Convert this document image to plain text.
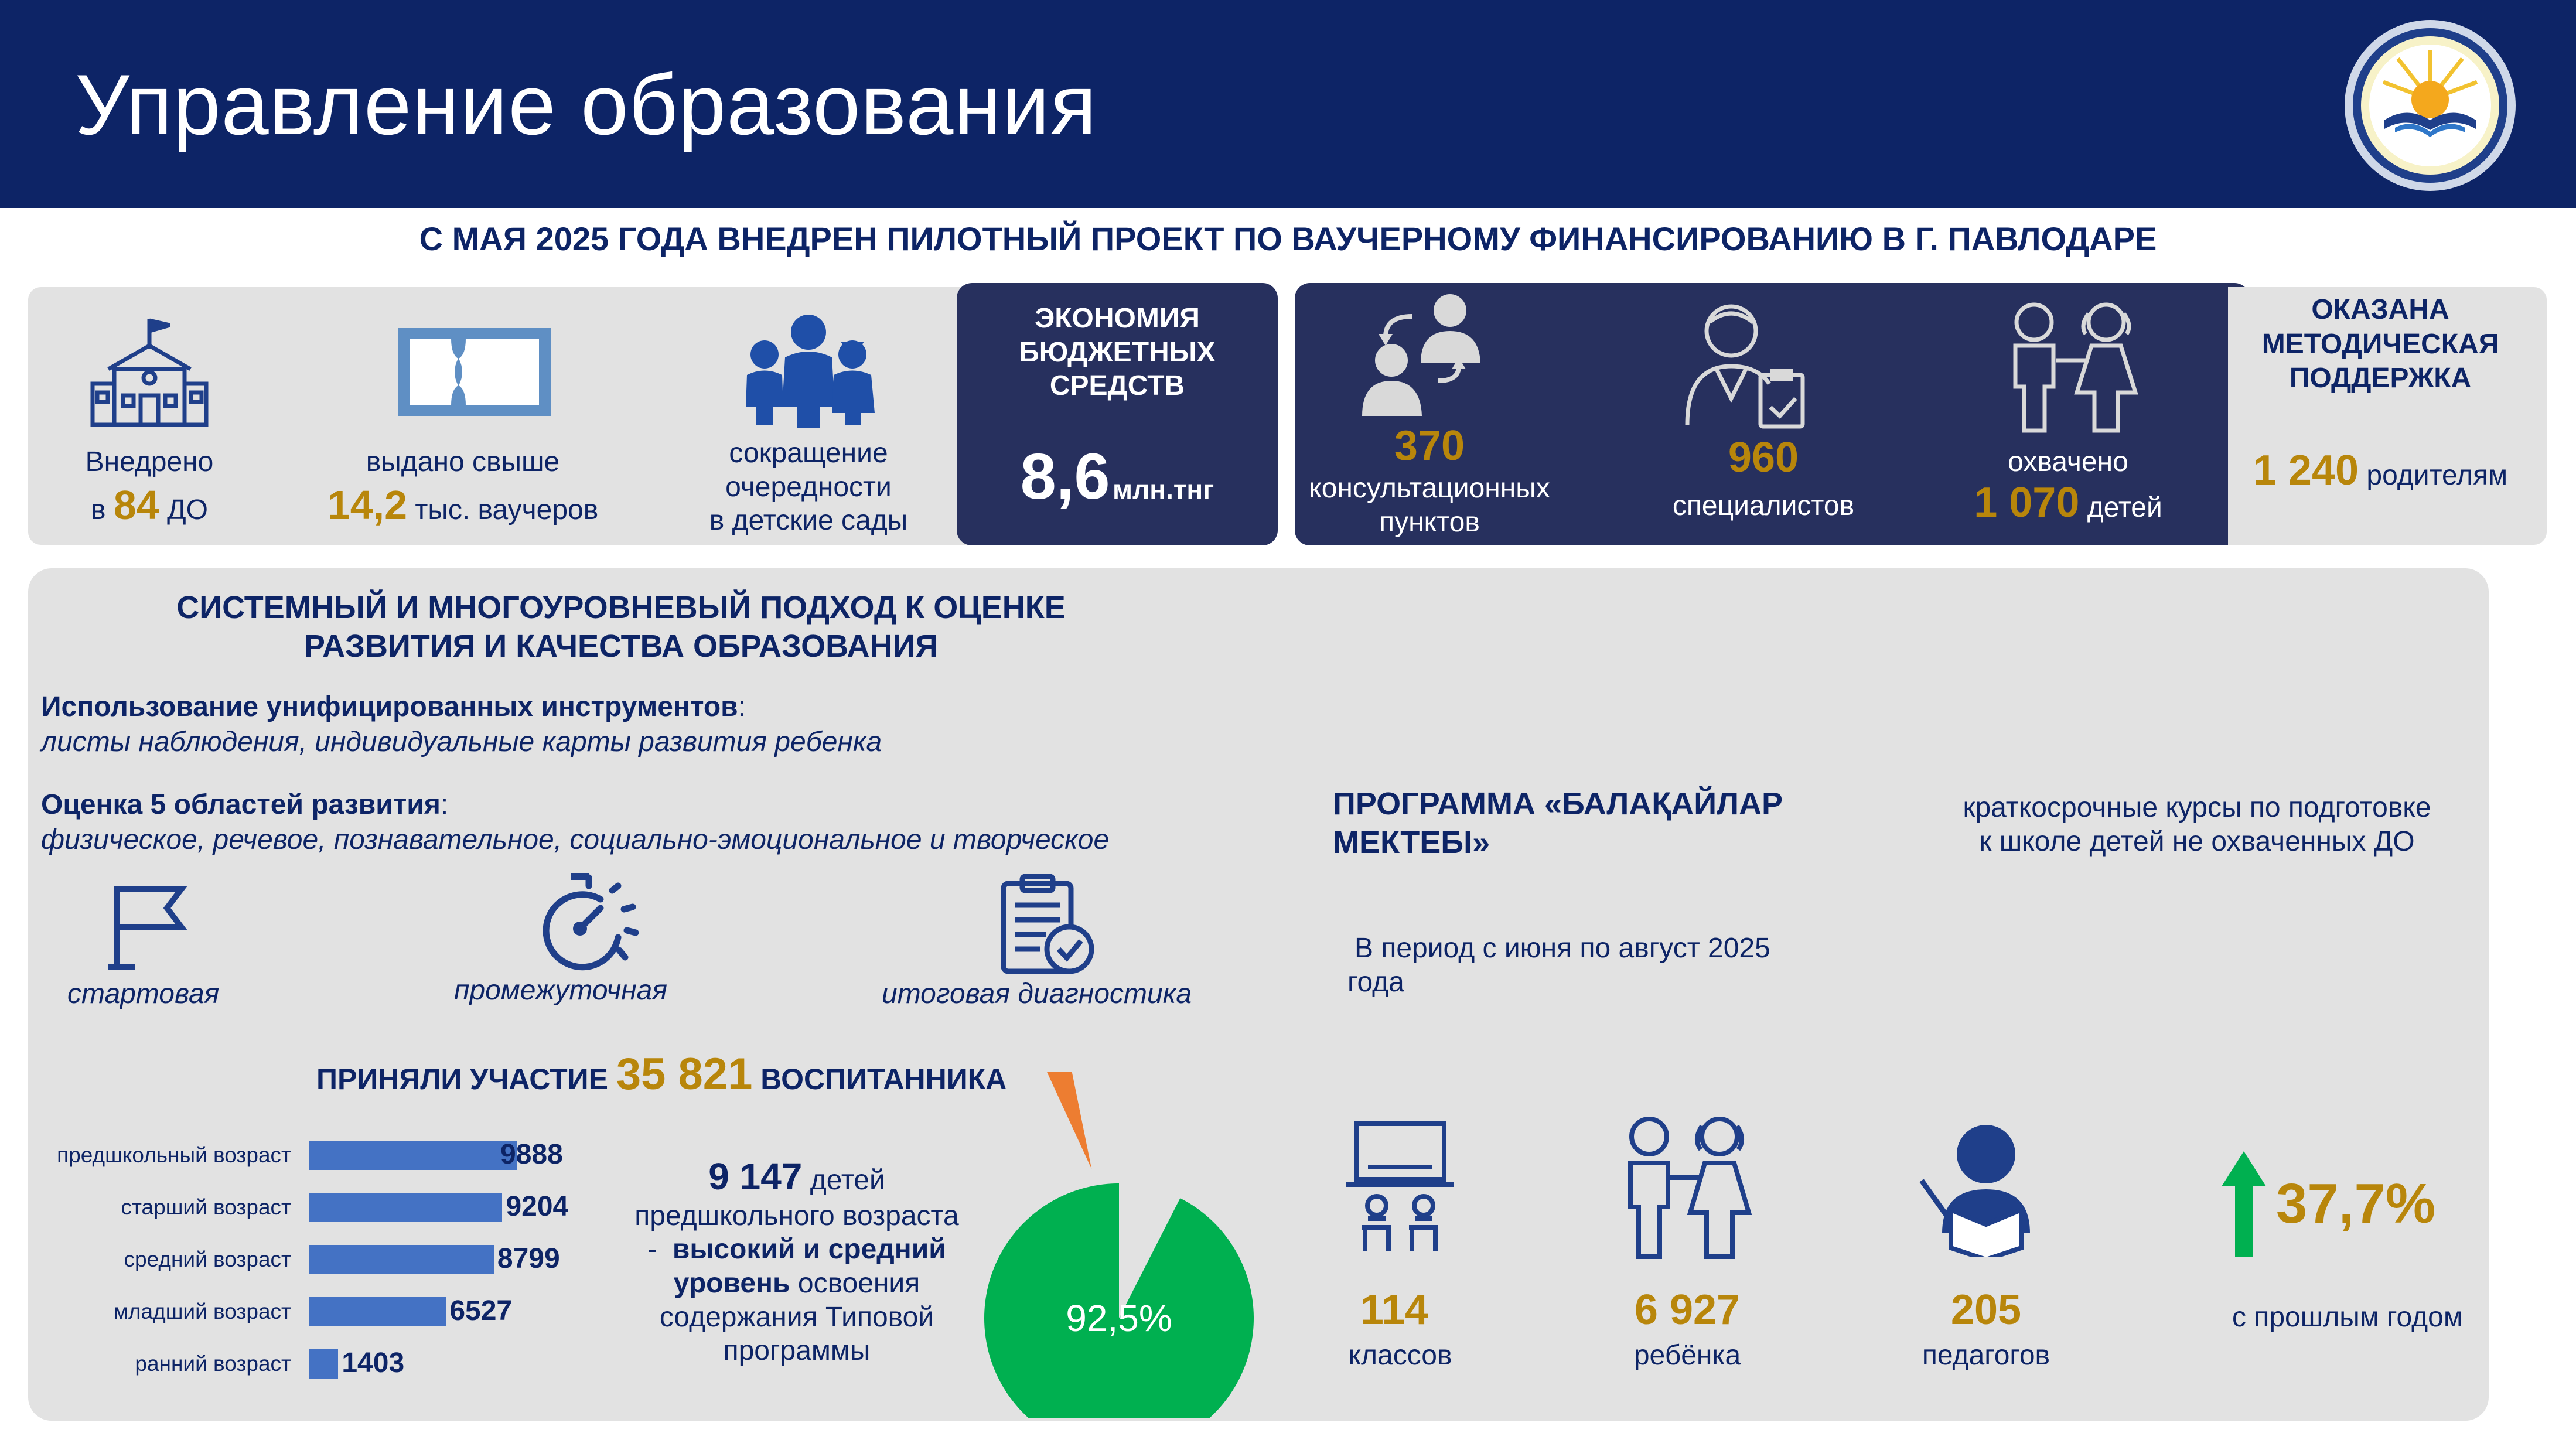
Управление образования
С МАЯ 2025 ГОДА ВНЕДРЕН ПИЛОТНЫЙ ПРОЕКТ ПО ВАУЧЕРНОМУ ФИНАНСИРОВАНИЮ В Г. ПАВЛОДАРЕ
Внедрено
в 84 ДО
выдано свыше
14,2 тыс. ваучеров
сокращение
очередности
в детские сады
ЭКОНОМИЯ
БЮДЖЕТНЫХ
СРЕДСТВ
8,6 млн.тнг
370
консультационных
пунктов
960
специалистов
охвачено
1 070 детей
ОКАЗАНА
МЕТОДИЧЕСКАЯ
ПОДДЕРЖКА
1 240 родителям
СИСТЕМНЫЙ И МНОГОУРОВНЕВЫЙ ПОДХОД К ОЦЕНКЕ
РАЗВИТИЯ И КАЧЕСТВА ОБРАЗОВАНИЯ
Использование унифицированных инструментов:
листы наблюдения, индивидуальные карты развития ребенка
Оценка 5 областей развития:
физическое, речевое, познавательное, социально-эмоциональное и творческое
стартовая	промежуточная	итоговая диагностика
ПРИНЯЛИ УЧАСТИЕ 35 821 ВОСПИТАННИКА
9 147 детей
предшкольного возраста
-  высокий и средний
уровень освоения
содержания Типовой
программы
92,5%
ПРОГРАММА «БАЛАҚАЙЛАР
МЕКТЕБІ»
краткосрочные курсы по подготовке
к школе детей не охваченных ДО
В период с июня по август 2025
года
114
классов
6 927
ребёнка
205
педагогов
37,7%
с прошлым годом
предшкольный возраст	9888
старший возраст	9204
средний возраст	8799
младший возраст	6527
ранний возраст 1403
